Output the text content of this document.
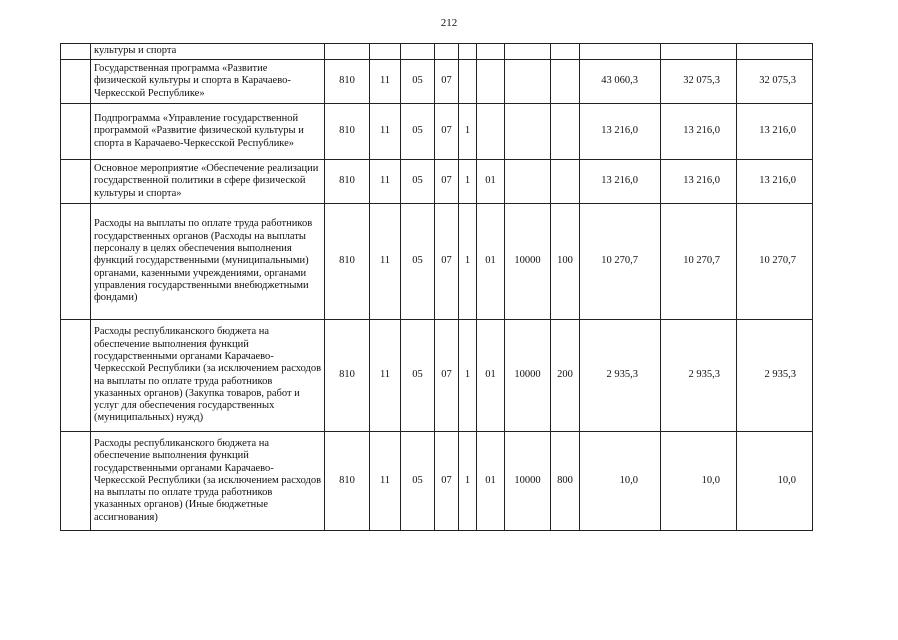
212
	культуры и спорта											
	Государственная программа «Развитие физической культуры и спорта в Карачаево-Черкесской Республике»	810	11	05	07					43 060,3	32 075,3	32 075,3
	Подпрограмма «Управление государственной программой «Развитие физической культуры и спорта в Карачаево-Черкесской Республике»	810	11	05	07	1				13 216,0	13 216,0	13 216,0
	Основное мероприятие «Обеспечение реализации государственной политики в сфере физической культуры и спорта»	810	11	05	07	1	01			13 216,0	13 216,0	13 216,0
	Расходы на выплаты по оплате труда работников государственных органов (Расходы на выплаты персоналу в целях обеспечения выполнения функций государственными (муниципальными) органами, казенными учреждениями, органами управления государственными внебюджетными фондами)	810	11	05	07	1	01	10000	100	10 270,7	10 270,7	10 270,7
	Расходы республиканского бюджета на обеспечение выполнения функций государственными органами Карачаево-Черкесской Республики (за исключением расходов на выплаты по оплате труда работников указанных органов) (Закупка товаров, работ и услуг для обеспечения государственных (муниципальных) нужд)	810	11	05	07	1	01	10000	200	2 935,3	2 935,3	2 935,3
	Расходы республиканского бюджета на обеспечение выполнения функций государственными органами Карачаево-Черкесской Республики (за исключением расходов на выплаты по оплате труда работников указанных органов) (Иные бюджетные ассигнования)	810	11	05	07	1	01	10000	800	10,0	10,0	10,0
